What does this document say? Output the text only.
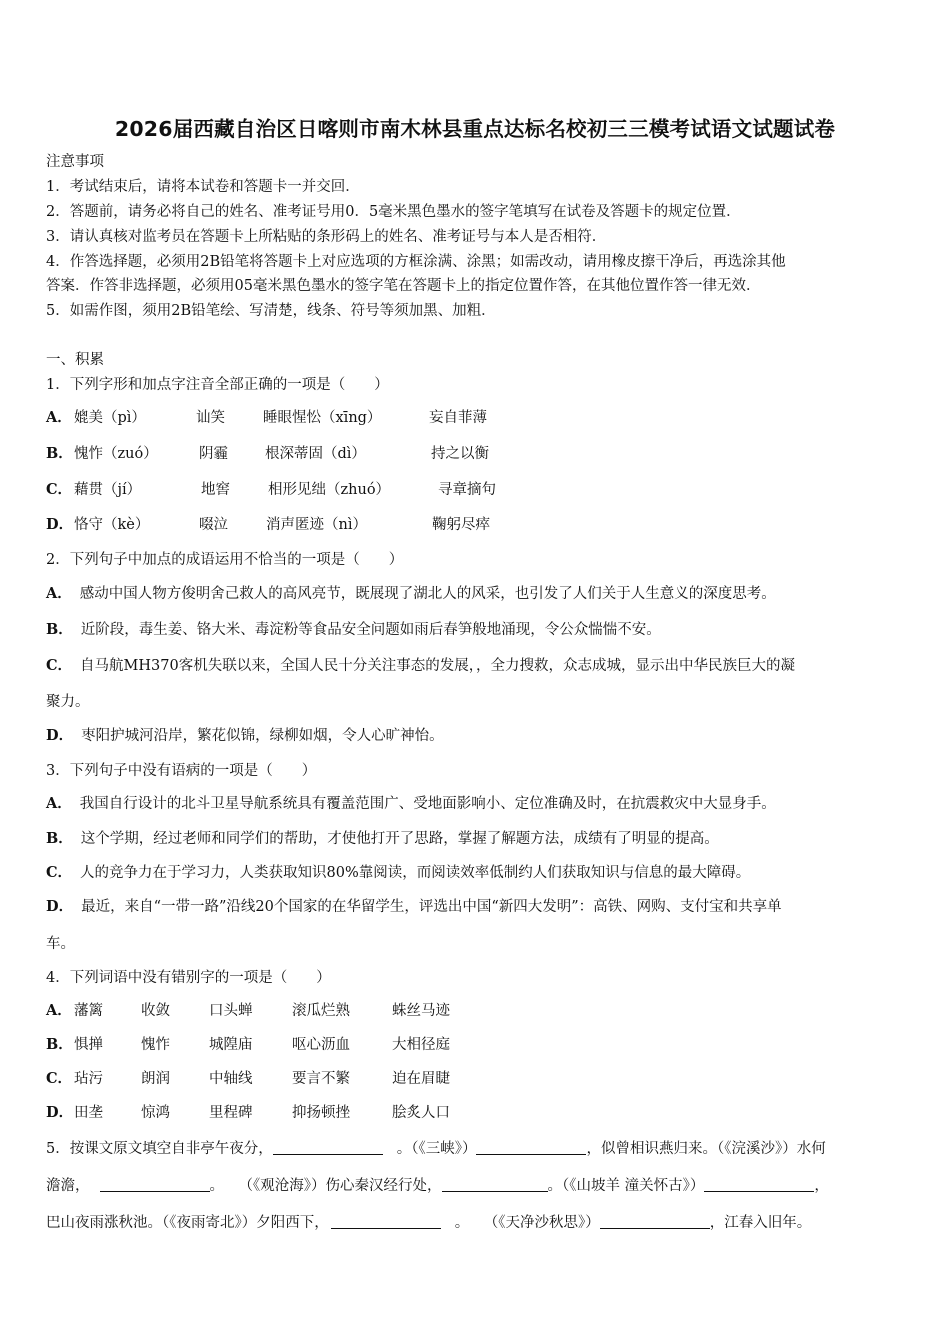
2026届西藏自治区日喀则市南木林县重点达标名校初三三模考试语文试题试卷
注意事项
1．考试结束后，请将本试卷和答题卡一并交回．
2．答题前，请务必将自己的姓名、准考证号用0．5毫米黑色墨水的签字笔填写在试卷及答题卡的规定位置．
3．请认真核对监考员在答题卡上所粘贴的条形码上的姓名、准考证号与本人是否相符．
4．作答选择题，必须用2B铅笔将答题卡上对应选项的方框涂满、涂黑；如需改动，请用橡皮擦干净后，再选涂其他
答案．作答非选择题，必须用05毫米黑色墨水的签字笔在答题卡上的指定位置作答，在其他位置作答一律无效．
5．如需作图，须用2B铅笔绘、写清楚，线条、符号等须加黑、加粗．
一、积累
1．下列字形和加点字注音全部正确的一项是（　　）
A． 媲美（pì）	讪笑	睡眼惺忪（xīng）	妄自菲薄
B． 愧怍（zuó）	阴霾	根深蒂固（dì）	持之以衡
C． 藉贯（jí）	地窖	相形见绌（zhuó）	寻章摘句
D． 恪守（kè）	啜泣	消声匿迹（nì）	鞠躬尽瘁
2．下列句子中加点的成语运用不恰当的一项是（　　）
A． 感动中国人物方俊明舍己救人的高风亮节，既展现了湖北人的风采，也引发了人们关于人生意义的深度思考。
B． 近阶段，毒生姜、铬大米、毒淀粉等食品安全问题如雨后春笋般地涌现，令公众惴惴不安。
C． 自马航MH370客机失联以来，全国人民十分关注事态的发展，，全力搜救，众志成城，显示出中华民族巨大的凝
聚力。
D． 枣阳护城河沿岸，繁花似锦，绿柳如烟，令人心旷神怡。
3．下列句子中没有语病的一项是（　　）
A． 我国自行设计的北斗卫星导航系统具有覆盖范围广、受地面影响小、定位准确及时，在抗震救灾中大显身手。
B． 这个学期，经过老师和同学们的帮助，才使他打开了思路，掌握了解题方法，成绩有了明显的提高。
C． 人的竞争力在于学习力，人类获取知识80%靠阅读，而阅读效率低制约人们获取知识与信息的最大障碍。
D． 最近，来自“一带一路”沿线20个国家的在华留学生，评选出中国“新四大发明”：高铁、网购、支付宝和共享单
车。
4．下列词语中没有错别字的一项是（　　）
A． 藩篱	收敛	口头蝉	滚瓜烂熟	蛛丝马迹
B． 惧掸	愧怍	城隍庙	呕心沥血	大相径庭
C． 玷污	朗润	中轴线	要言不繁	迫在眉睫
D． 田垄	惊鸿	里程碑	抑扬顿挫	脍炙人口
5．按课文原文填空自非亭午夜分，	。（《三峡》）	，似曾相识燕归来。（《浣溪沙》）水何
澹澹，	。　　（《观沧海》）伤心秦汉经行处，	。（《山坡羊 潼关怀古》）	，
巴山夜雨涨秋池。（《夜雨寄北》）夕阳西下，	。　　（《天净沙秋思》）	，江春入旧年。
